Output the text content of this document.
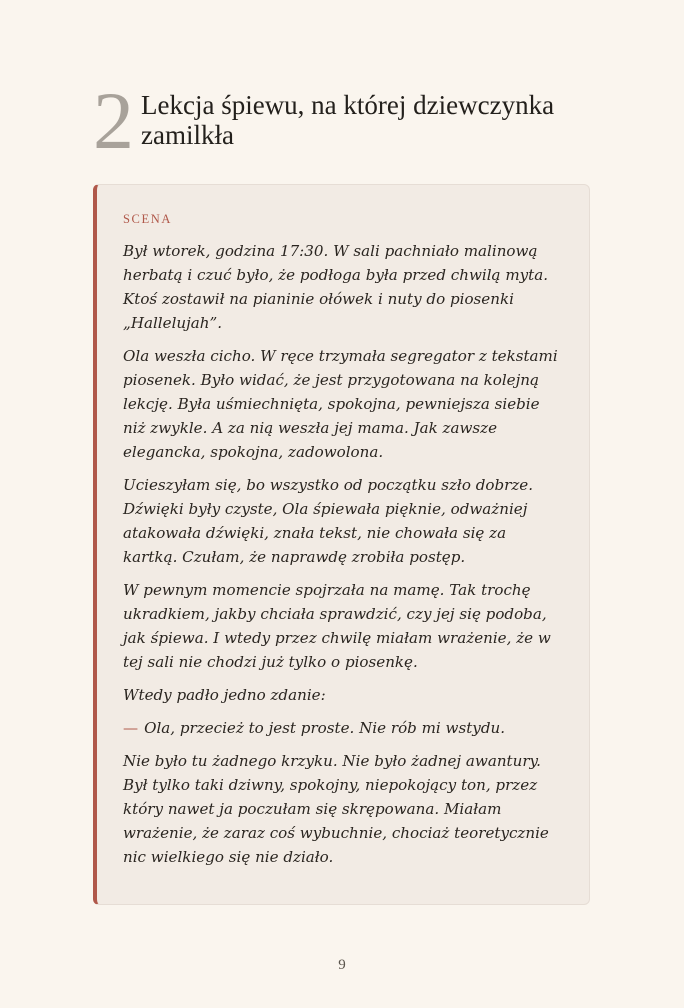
2 Lekcja śpiewu, na której dziewczynka zamilkła
SCENA

Był wtorek, godzina 17:30. W sali pachniało malinową herbatą i czuć było, że podłoga była przed chwilą myta. Ktoś zostawił na pianinie ołówek i nuty do piosenki „Hallelujah”.

Ola weszła cicho. W ręce trzymała segregator z tekstami piosenek. Było widać, że jest przygotowana na kolejną lekcję. Była uśmiechnięta, spokojna, pewniejsza siebie niż zwykle. A za nią weszła jej mama. Jak zawsze elegancka, spokojna, zadowolona.

Ucieszyłam się, bo wszystko od początku szło dobrze. Dźwięki były czyste, Ola śpiewała pięknie, odważniej atakowała dźwięki, znała tekst, nie chowała się za kartką. Czułam, że naprawdę zrobiła postęp.

W pewnym momencie spojrzała na mamę. Tak trochę ukradkiem, jakby chciała sprawdzić, czy jej się podoba, jak śpiewa. I wtedy przez chwilę miałam wrażenie, że w tej sali nie chodzi już tylko o piosenkę.

Wtedy padło jedno zdanie:

— Ola, przecież to jest proste. Nie rób mi wstydu.

Nie było tu żadnego krzyku. Nie było żadnej awantury. Był tylko taki dziwny, spokojny, niepokojący ton, przez który nawet ja poczułam się skrępowana. Miałam wrażenie, że zaraz coś wybuchnie, chociaż teoretycznie nic wielkiego się nie działo.

9
